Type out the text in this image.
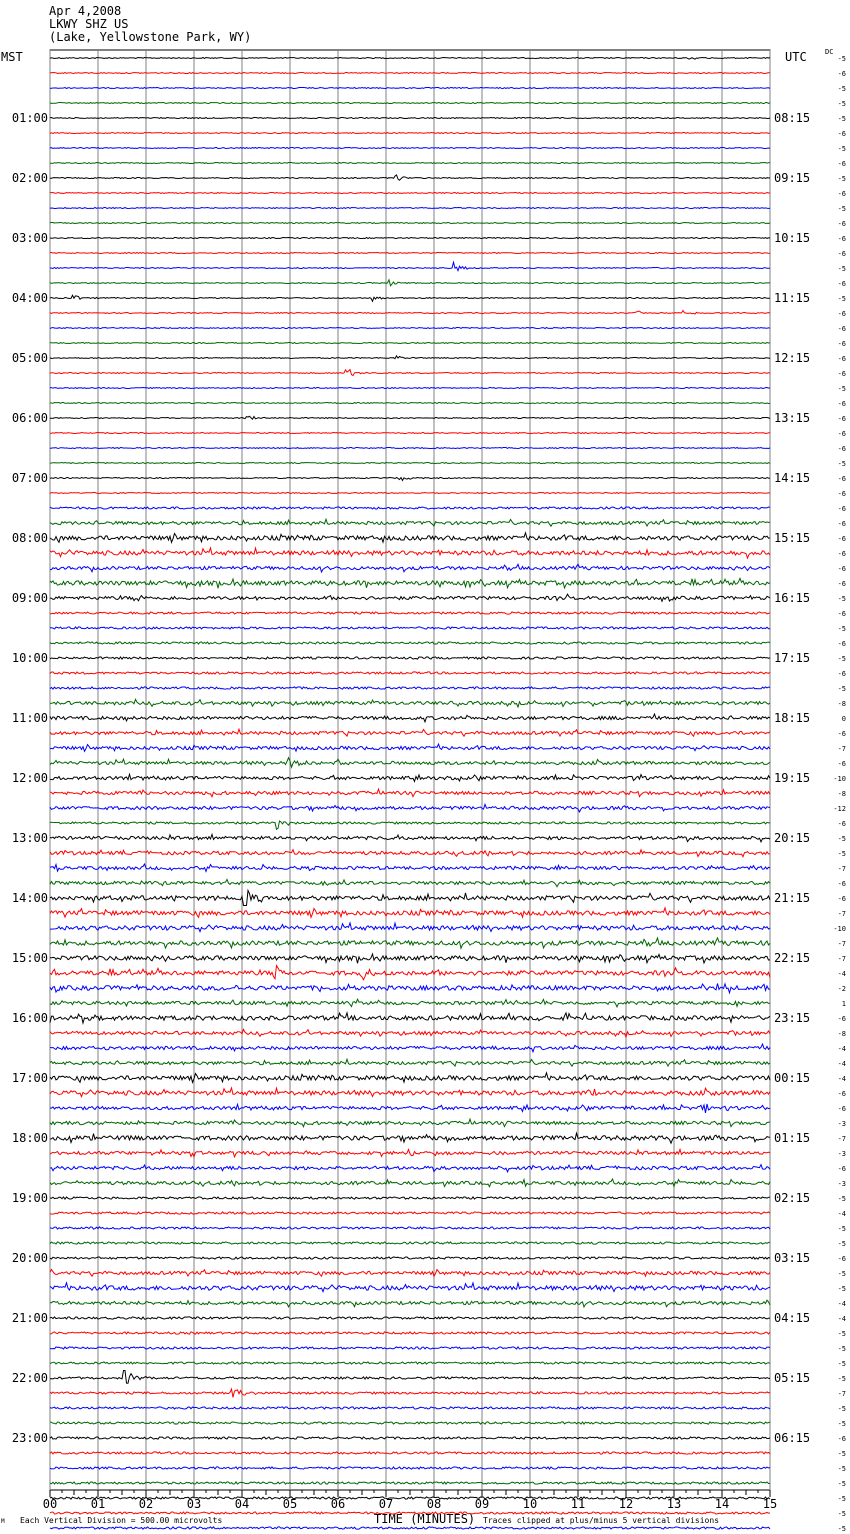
Apr 4,2008
LKWY SHZ US
(Lake, Yellowstone Park, WY)
MST	UTC	DC
TIME (MINUTES)
Each Vertical Division = 500.00 microvolts	Traces clipped at plus/minus 5 vertical divisions
M
00	01	02	03	04	05	06	07	08	09	10	11	12	13	14	15
-5
-6
-5
-5
-5
-6
-5
-6
-5
-6
-5
-6
-6
-6
-5
-6
-5
-6
-6
-6
-6
-6
-5
-6
-6
-6
-6
-5
-6
-6
-6
-6
-6
-6
-6
-6
-5
-6
-5
-6
-5
-6
-5
-8
0
-6
-7
-6
-10
-8
-12
-6
-5
-5
-7
-6
-6
-7
-10
-7
-7
-4
-2
1
-6
-8
-4
-4
-4
-6
-6
-3
-7
-3
-6
-3
-5
-4
-5
-5
-6
-5
-5
-4
-4
-5
-5
-5
-5
-7
-5
-5
-6
-5
-5
-5
-5
-5
-5
01:00
02:00
03:00
04:00
05:00
06:00
07:00
08:00
09:00
10:00
11:00
12:00
13:00
14:00
15:00
16:00
17:00
18:00
19:00
20:00
21:00
22:00
23:00
08:15
09:15
10:15
11:15
12:15
13:15
14:15
15:15
16:15
17:15
18:15
19:15
20:15
21:15
22:15
23:15
00:15
01:15
02:15
03:15
04:15
05:15
06:15
